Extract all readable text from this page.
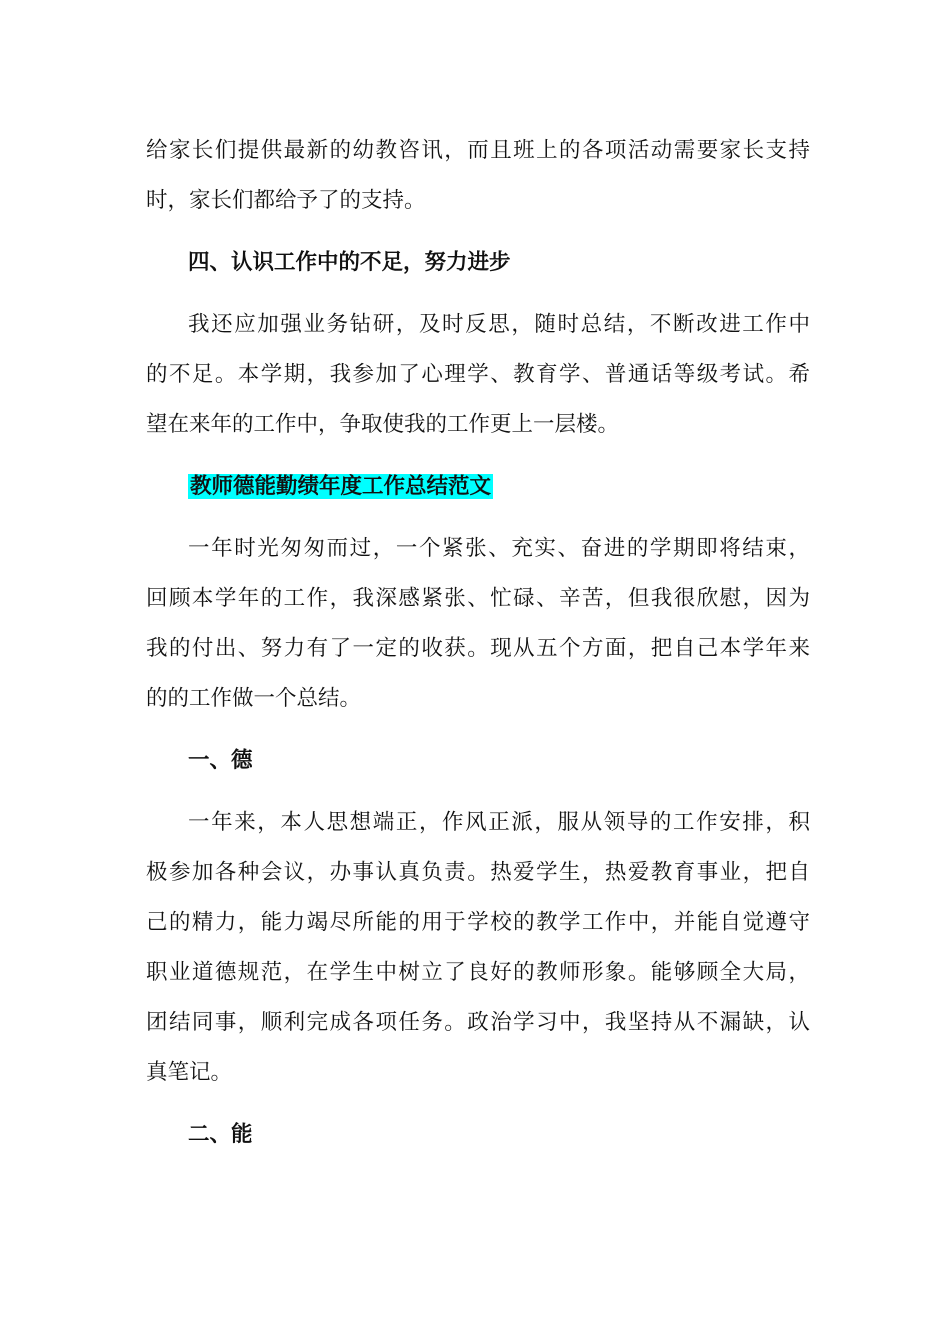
给家长们提供最新的幼教咨讯，而且班上的各项活动需要家长支持
时，家长们都给予了的支持。
四、认识工作中的不足，努力进步
我还应加强业务钻研，及时反思，随时总结，不断改进工作中
的不足。本学期，我参加了心理学、教育学、普通话等级考试。希
望在来年的工作中，争取使我的工作更上一层楼。
教师德能勤绩年度工作总结范文
一年时光匆匆而过，一个紧张、充实、奋进的学期即将结束，
回顾本学年的工作，我深感紧张、忙碌、辛苦，但我很欣慰，因为
我的付出、努力有了一定的收获。现从五个方面，把自己本学年来
的的工作做一个总结。
一、德
一年来，本人思想端正，作风正派，服从领导的工作安排，积
极参加各种会议，办事认真负责。热爱学生，热爱教育事业，把自
己的精力，能力竭尽所能的用于学校的教学工作中，并能自觉遵守
职业道德规范，在学生中树立了良好的教师形象。能够顾全大局，
团结同事，顺利完成各项任务。政治学习中，我坚持从不漏缺，认
真笔记。
二、能
